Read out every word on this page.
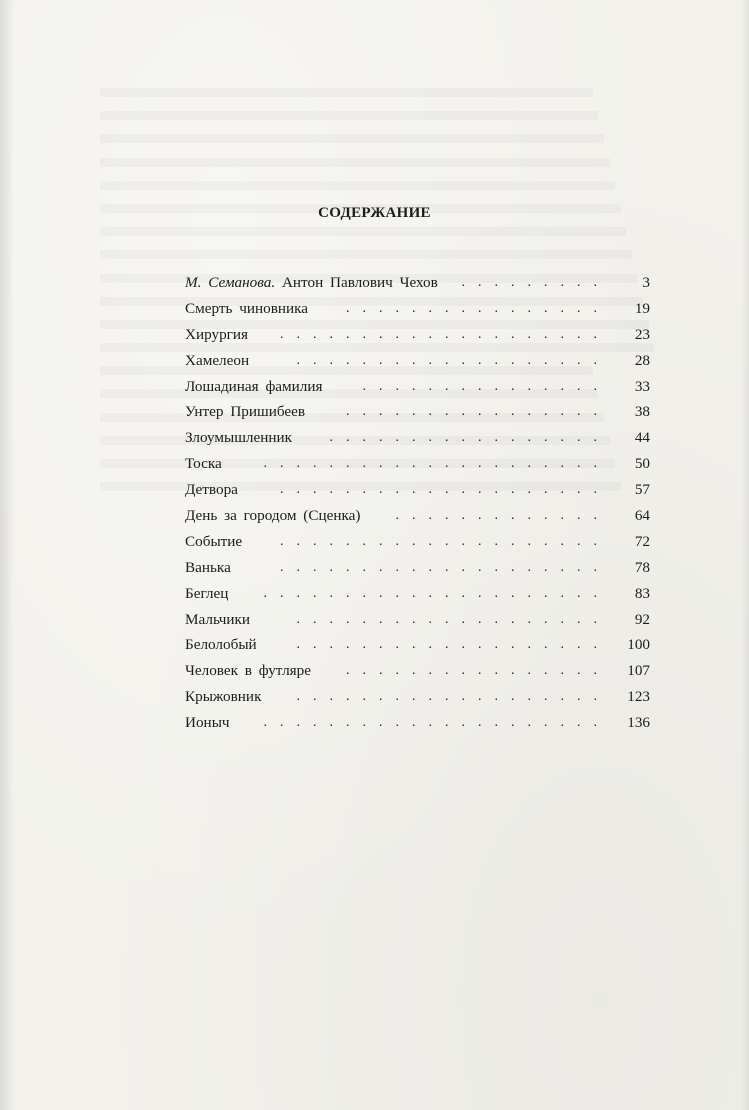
СОДЕРЖАНИЕ
М. Семанова. Антон Павлович Чехов .........	3
Смерть чиновника	................	19
Хирургия ....................	23
Хамелеон	...................	28
Лошадиная фамилия	...............	33
Унтер Пришибеев	................	38
Злоумышленник	.................	44
Тоска	.....................	50
Детвора	....................	57
День за городом (Сценка)	.............	64
Событие	....................	72
Ванька	....................	78
Беглец	.....................	83
Мальчики	...................	92
Белолобый	...................	100
Человек в футляре	................	107
Крыжовник	...................	123
Ионыч .....................	136
